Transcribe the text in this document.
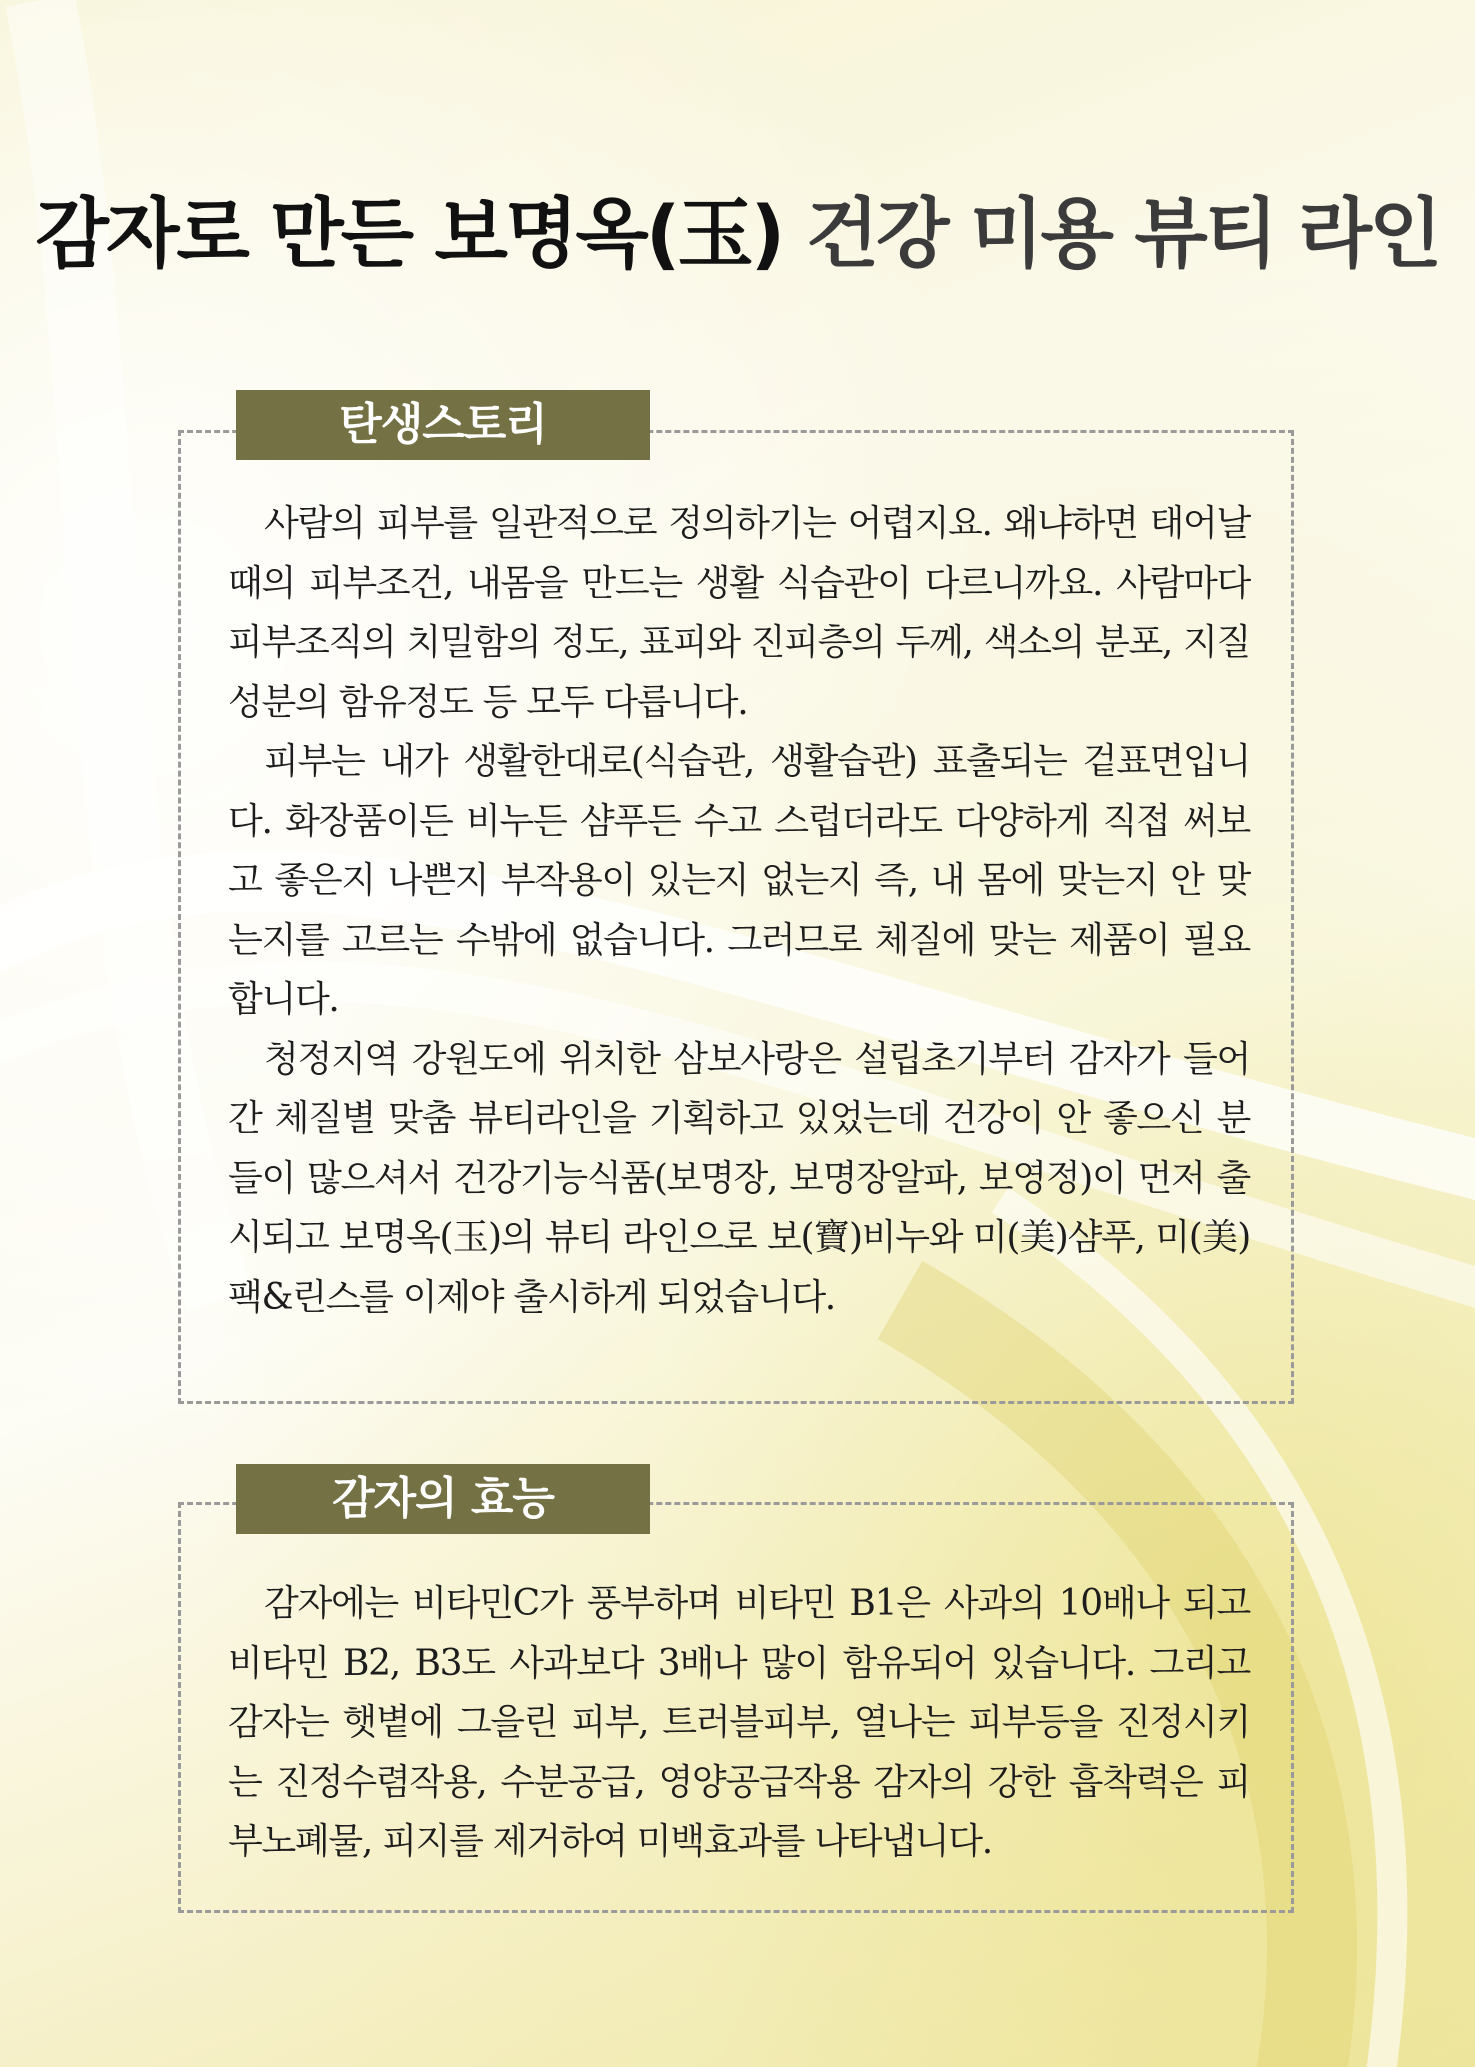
감자로 만든 보명옥(玉) 건강 미용 뷰티 라인
탄생스토리

사람의 피부를 일관적으로 정의하기는 어렵지요. 왜냐하면 태어날 때의 피부조건, 내몸을 만드는 생활 식습관이 다르니까요. 사람마다 피부조직의 치밀함의 정도, 표피와 진피층의 두께, 색소의 분포, 지질성분의 함유정도 등 모두 다릅니다.

피부는 내가 생활한대로(식습관, 생활습관) 표출되는 겉표면입니다. 화장품이든 비누든 샴푸든 수고 스럽더라도 다양하게 직접 써보고 좋은지 나쁜지 부작용이 있는지 없는지 즉, 내 몸에 맞는지 안 맞는지를 고르는 수밖에 없습니다. 그러므로 체질에 맞는 제품이 필요합니다.

청정지역 강원도에 위치한 삼보사랑은 설립초기부터 감자가 들어간 체질별 맞춤 뷰티라인을 기획하고 있었는데 건강이 안 좋으신 분들이 많으셔서 건강기능식품(보명장, 보명장알파, 보영정)이 먼저 출시되고 보명옥(玉)의 뷰티 라인으로 보(寶)비누와 미(美)샴푸, 미(美)팩&린스를 이제야 출시하게 되었습니다.

감자의 효능

감자에는 비타민C가 풍부하며 비타민 B1은 사과의 10배나 되고 비타민 B2, B3도 사과보다 3배나 많이 함유되어 있습니다. 그리고 감자는 햇볕에 그을린 피부, 트러블피부, 열나는 피부등을 진정시키는 진정수렴작용, 수분공급, 영양공급작용 감자의 강한 흡착력은 피부노폐물, 피지를 제거하여 미백효과를 나타냅니다.
